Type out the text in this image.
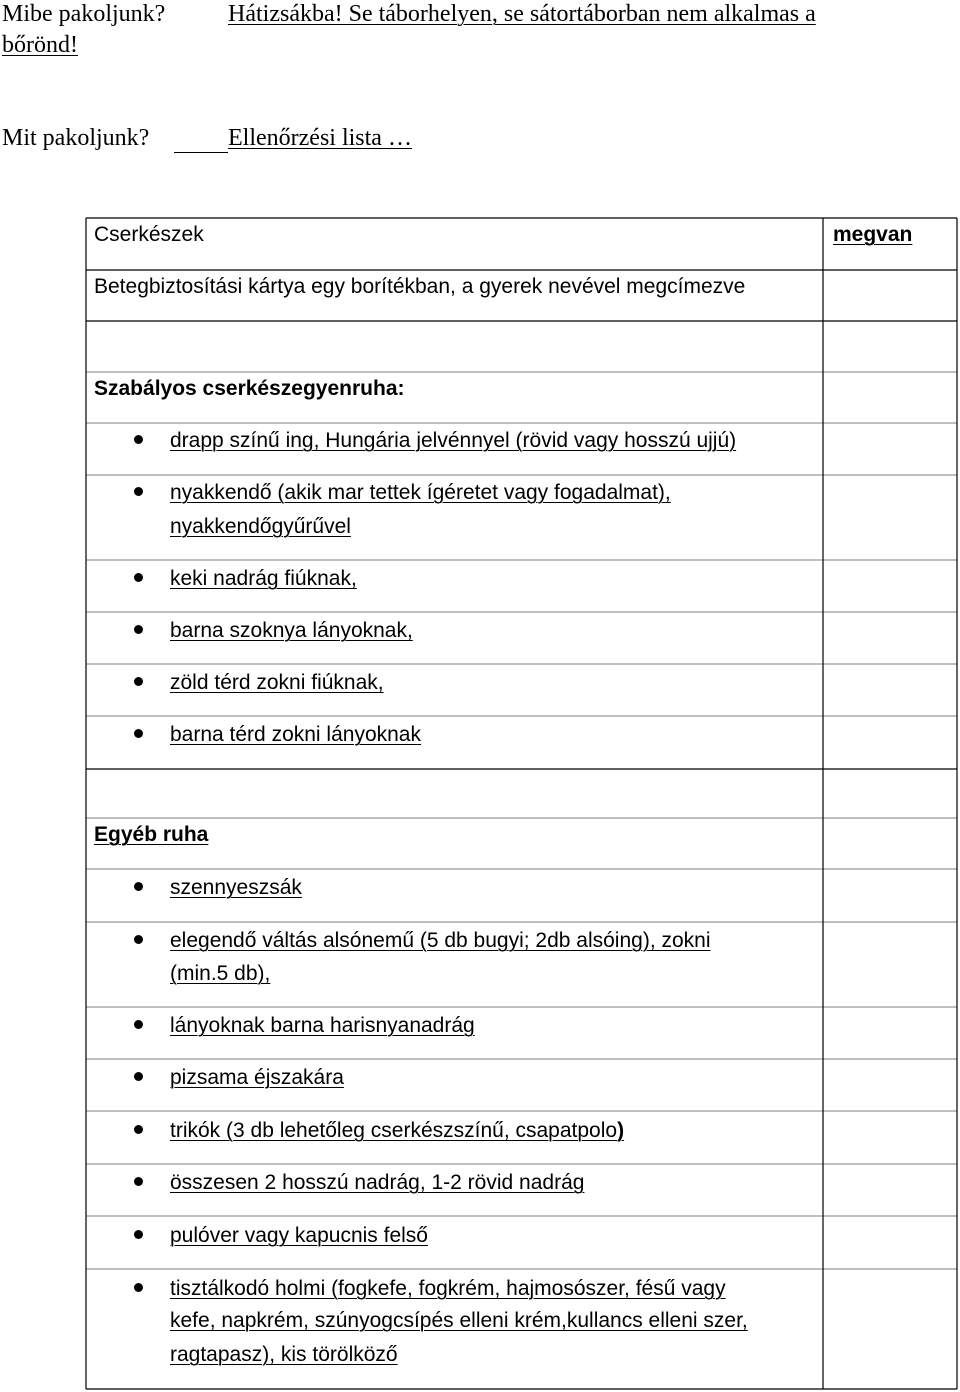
Mibe pakoljunk?	Hátizsákba! Se táborhelyen, se sátortáborban nem alkalmas a
bőrönd!
Mit pakoljunk?	Ellenőrzési lista …
Cserkészek	megvan
Betegbiztosítási kártya egy borítékban, a gyerek nevével megcímezve
Szabályos cserkészegyenruha:
drapp színű ing, Hungária jelvénnyel (rövid vagy hosszú ujjú)
nyakkendő (akik mar tettek ígéretet vagy fogadalmat),
nyakkendőgyűrűvel
keki nadrág fiúknak,
barna szoknya lányoknak,
zöld térd zokni fiúknak,
barna térd zokni lányoknak
Egyéb ruha
szennyeszsák
elegendő váltás alsónemű (5 db bugyi; 2db alsóing), zokni
(min.5 db),
lányoknak barna harisnyanadrág
pizsama éjszakára
trikók (3 db lehetőleg cserkészszínű, csapatpolo)
összesen 2 hosszú nadrág, 1-2 rövid nadrág
pulóver vagy kapucnis felső
tisztálkodó holmi (fogkefe, fogkrém, hajmosószer, fésű vagy
kefe, napkrém, szúnyogcsípés elleni krém,kullancs elleni szer,
ragtapasz), kis törölköző
